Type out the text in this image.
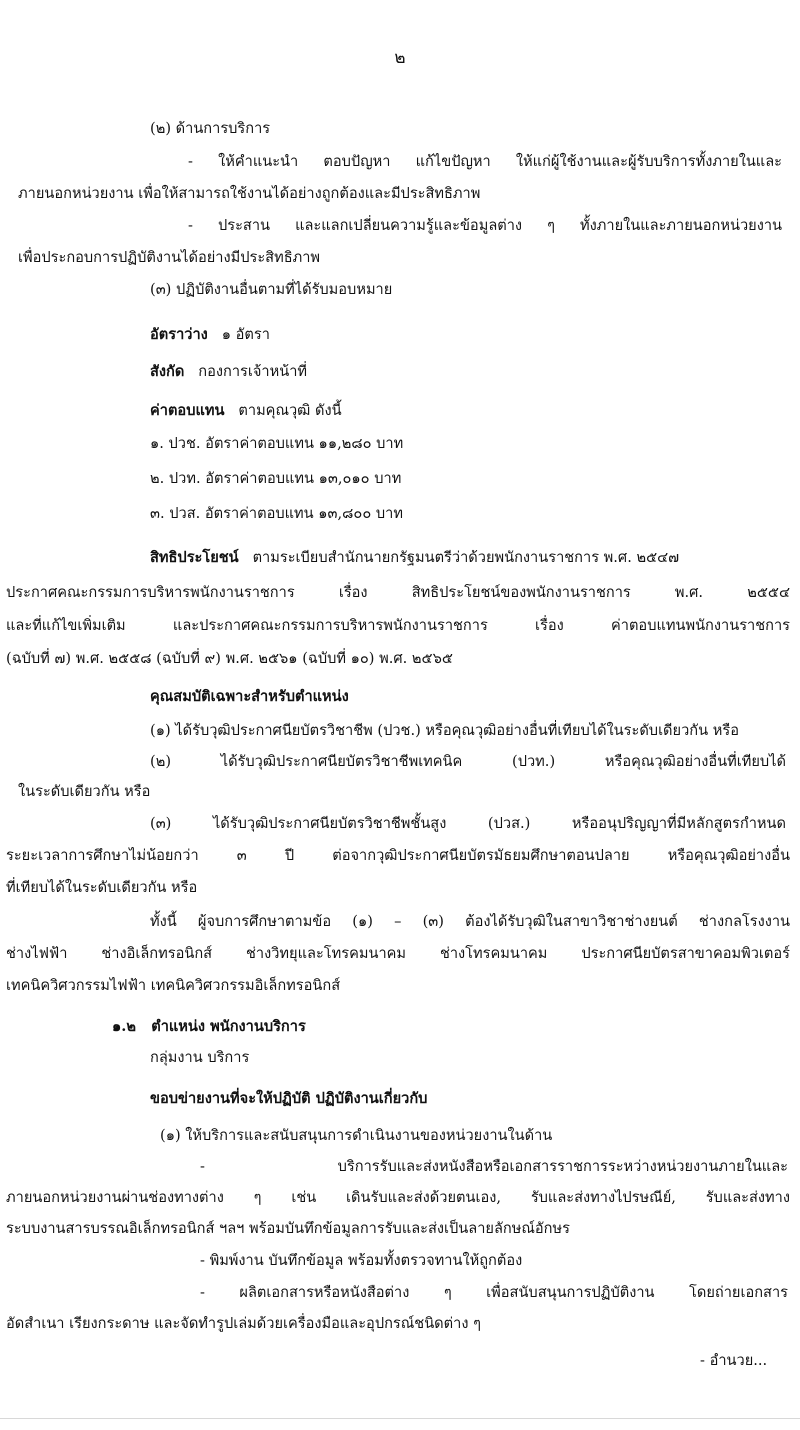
๒

(๒) ด้านการบริการ

- ให้คำแนะนำ ตอบปัญหา แก้ไขปัญหา ให้แก่ผู้ใช้งานและผู้รับบริการทั้งภายในและ

ภายนอกหน่วยงาน เพื่อให้สามารถใช้งานได้อย่างถูกต้องและมีประสิทธิภาพ

- ประสาน และแลกเปลี่ยนความรู้และข้อมูลต่าง ๆ ทั้งภายในและภายนอกหน่วยงาน

เพื่อประกอบการปฏิบัติงานได้อย่างมีประสิทธิภาพ

(๓) ปฏิบัติงานอื่นตามที่ได้รับมอบหมาย

อัตราว่าง ๑ อัตรา

สังกัด กองการเจ้าหน้าที่

ค่าตอบแทน ตามคุณวุฒิ ดังนี้

๑. ปวช. อัตราค่าตอบแทน ๑๑,๒๘๐ บาท

๒. ปวท. อัตราค่าตอบแทน ๑๓,๐๑๐ บาท

๓. ปวส. อัตราค่าตอบแทน ๑๓,๘๐๐ บาท

สิทธิประโยชน์ ตามระเบียบสำนักนายกรัฐมนตรีว่าด้วยพนักงานราชการ พ.ศ. ๒๕๔๗

ประกาศคณะกรรมการบริหารพนักงานราชการ เรื่อง สิทธิประโยชน์ของพนักงานราชการ พ.ศ. ๒๕๕๔

และที่แก้ไขเพิ่มเติม และประกาศคณะกรรมการบริหารพนักงานราชการ เรื่อง ค่าตอบแทนพนักงานราชการ

(ฉบับที่ ๗) พ.ศ. ๒๕๕๘ (ฉบับที่ ๙) พ.ศ. ๒๕๖๑ (ฉบับที่ ๑๐) พ.ศ. ๒๕๖๕

คุณสมบัติเฉพาะสำหรับตำแหน่ง

(๑) ได้รับวุฒิประกาศนียบัตรวิชาชีพ (ปวช.) หรือคุณวุฒิอย่างอื่นที่เทียบได้ในระดับเดียวกัน หรือ

(๒) ได้รับวุฒิประกาศนียบัตรวิชาชีพเทคนิค (ปวท.) หรือคุณวุฒิอย่างอื่นที่เทียบได้

ในระดับเดียวกัน หรือ

(๓) ได้รับวุฒิประกาศนียบัตรวิชาชีพชั้นสูง (ปวส.) หรืออนุปริญญาที่มีหลักสูตรกำหนด

ระยะเวลาการศึกษาไม่น้อยกว่า ๓ ปี ต่อจากวุฒิประกาศนียบัตรมัธยมศึกษาตอนปลาย หรือคุณวุฒิอย่างอื่น

ที่เทียบได้ในระดับเดียวกัน หรือ

ทั้งนี้ ผู้จบการศึกษาตามข้อ (๑) – (๓) ต้องได้รับวุฒิในสาขาวิชาช่างยนต์ ช่างกลโรงงาน

ช่างไฟฟ้า ช่างอิเล็กทรอนิกส์ ช่างวิทยุและโทรคมนาคม ช่างโทรคมนาคม ประกาศนียบัตรสาขาคอมพิวเตอร์

เทคนิควิศวกรรมไฟฟ้า เทคนิควิศวกรรมอิเล็กทรอนิกส์

๑.๒ ตำแหน่ง พนักงานบริการ

กลุ่มงาน บริการ

ขอบข่ายงานที่จะให้ปฏิบัติ ปฏิบัติงานเกี่ยวกับ

(๑) ให้บริการและสนับสนุนการดำเนินงานของหน่วยงานในด้าน

- บริการรับและส่งหนังสือหรือเอกสารราชการระหว่างหน่วยงานภายในและ

ภายนอกหน่วยงานผ่านช่องทางต่าง ๆ เช่น เดินรับและส่งด้วยตนเอง, รับและส่งทางไปรษณีย์, รับและส่งทาง

ระบบงานสารบรรณอิเล็กทรอนิกส์ ฯลฯ พร้อมบันทึกข้อมูลการรับและส่งเป็นลายลักษณ์อักษร

- พิมพ์งาน บันทึกข้อมูล พร้อมทั้งตรวจทานให้ถูกต้อง

- ผลิตเอกสารหรือหนังสือต่าง ๆ เพื่อสนับสนุนการปฏิบัติงาน โดยถ่ายเอกสาร

อัดสำเนา เรียงกระดาษ และจัดทำรูปเล่มด้วยเครื่องมือและอุปกรณ์ชนิดต่าง ๆ

- อำนวย...
